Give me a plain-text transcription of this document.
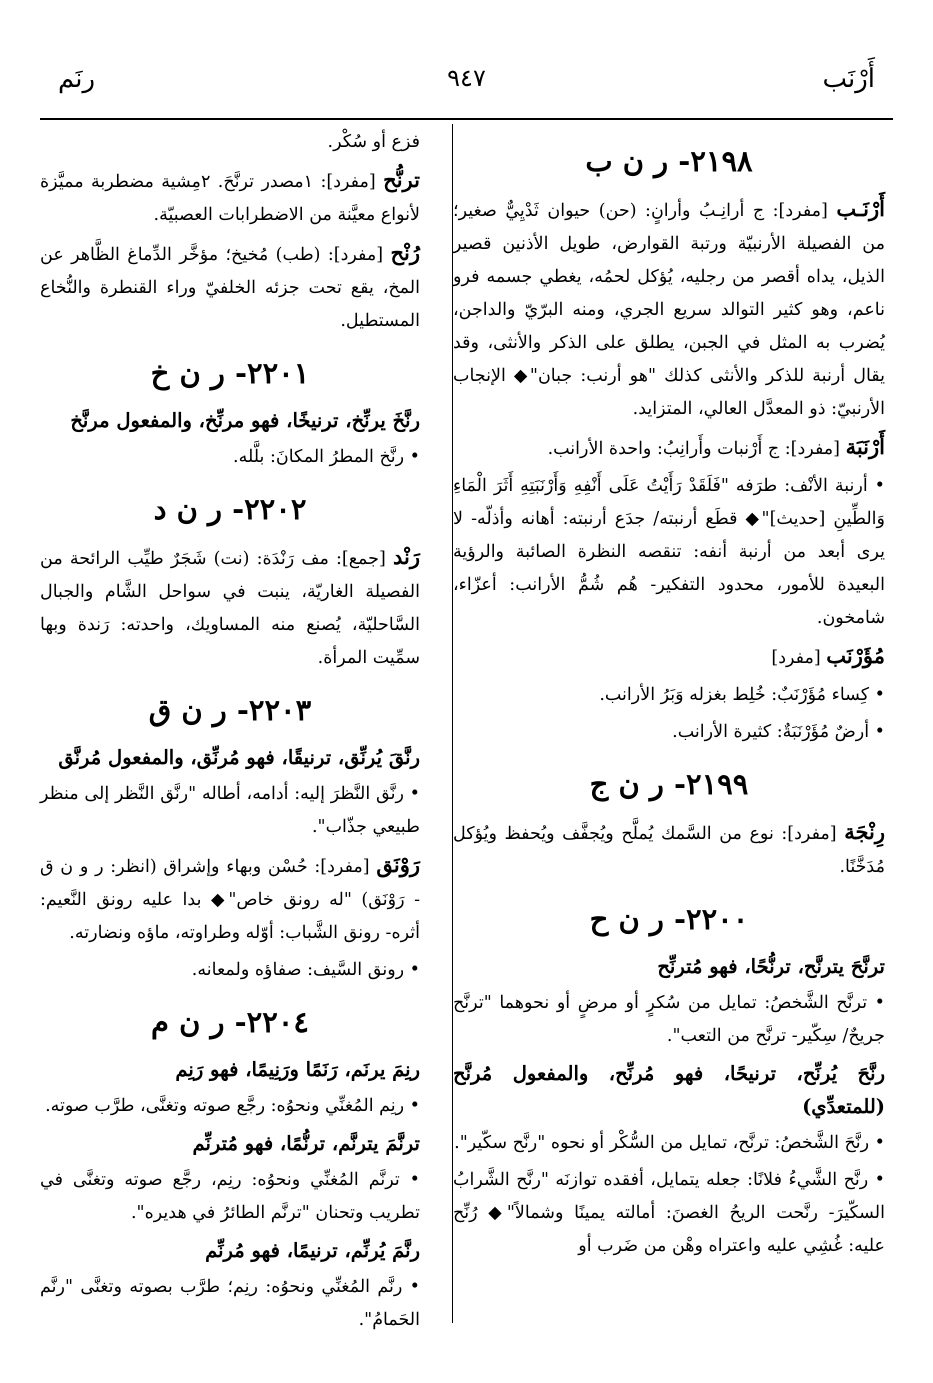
أَرْنَب
٩٤٧
رنَم
٢١٩٨- ر ن ب

أَرْنَـب [مفرد]: ج أرانِـبُ وأرانٍ: (حن) حيوان ثَدْيِيٌّ صغير؛ من الفصيلة الأرنبيّة ورتبة القوارض، طويل الأذنين قصير الذيل، يداه أقصر من رجليه، يُؤكل لحمُه، يغطي جسمه فرو ناعم، وهو كثير التوالد سريع الجري، ومنه البرّيّ والداجن، يُضرب به المثل في الجبن، يطلق على الذكر والأنثى، وقد يقال أرنبة للذكر والأنثى كذلك "هو أرنب: جبان"◆ الإنجاب الأرنبيّ: ذو المعدَّل العالي، المتزايد.

أَرْنَبَة [مفرد]: ج أَرْنبات وأَرانِبُ: واحدة الأرانب.

• أرنبة الأنْف: طرَفه "فَلَقَدْ رَأَيْتُ عَلَى أَنْفِهِ وَأَرْنَبَتِهِ أَثَرَ الْمَاءِ وَالطِّينِ [حديث]"◆ قطَع أرنبته/ جدَع أرنبته: أهانه وأذلّه- لا يرى أبعد من أرنبة أنفه: تنقصه النظرة الصائبة والرؤية البعيدة للأمور، محدود التفكير- هُم شُمُّ الأرانب: أعزّاء، شامخون.

مُؤَرْنَب [مفرد]

• كِساء مُؤَرْنَبٌ: خُلِط بغزله وَبَرُ الأرانب.

• أرضٌ مُؤَرْنَبَةٌ: كثيرة الأرانب.

٢١٩٩- ر ن ج

رِنْجَة [مفرد]: نوع من السَّمك يُملَّح ويُجفَّف ويُحفظ ويُؤكل مُدَخَّنًا.

٢٢٠٠- ر ن ح
ترنَّحَ يترنَّح، ترنُّحًا، فهو مُترنِّح

• ترنَّح الشَّخصُ: تمايل من سُكرٍ أو مرضٍ أو نحوهما "ترنَّح جريحٌ/ سِكّير- ترنَّح من التعب".

رنَّحَ يُرنِّح، ترنيحًا، فهو مُرنِّح، والمفعول مُرنَّح (للمتعدِّي)

• رنَّحَ الشَّخصُ: ترنَّح، تمايل من السُّكْر أو نحوه "رنَّح سكّير".

• رنَّح الشَّيءُ فلانًا: جعله يتمايل، أفقده توازنَه "رنَّح الشَّرابُ السكّيرَ- رنَّحت الريحُ الغصنَ: أمالته يمينًا وشمالاً"◆ رُنِّح عليه: غُشِي عليه واعتراه وهْن من ضَرب أو

فزع أو سُكْر.

ترنُّح [مفرد]: ١مصدر ترنَّحَ. ٢مِشية مضطربة مميَّزة لأنواع معيَّنة من الاضطرابات العصبيّة.

رُنْح [مفرد]: (طب) مُخيخ؛ مؤخَّر الدِّماغ الظَّاهر عن المخ، يقع تحت جزئه الخلفيّ وراء القنطرة والنُّخاع المستطيل.

٢٢٠١- ر ن خ
رنَّخَ يرنِّخ، ترنيخًا، فهو مرنِّخ، والمفعول مرنَّخ

• رنَّخ المطرُ المكانَ: بلَّله.

٢٢٠٢- ر ن د

رَنْد [جمع]: مف رَنْدَة: (نت) شَجَرٌ طيِّب الرائحة من الفصيلة الغاريّة، ينبت في سواحل الشَّام والجبال السَّاحليّة، يُصنع منه المساويك، واحدته: رَندة وبها سمِّيت المرأة.

٢٢٠٣- ر ن ق
رنَّقَ يُرنِّق، ترنيقًا، فهو مُرنِّق، والمفعول مُرنَّق

• رنَّق النَّظرَ إليه: أدامه، أطاله "رنَّق النَّظر إلى منظر طبيعي جذّاب".

رَوْنَق [مفرد]: حُسْن وبهاء وإشراق (انظر: ر و ن ق - رَوْنَق) "له رونق خاص"◆ بدا عليه رونق النَّعيم: أثره- رونق الشَّباب: أوّله وطراوته، ماؤه ونضارته.

• رونق السَّيف: صفاؤه ولمعانه.

٢٢٠٤- ر ن م
رنِمَ يرنَم، رَنَمًا ورَنِيمًا، فهو رَنِم

• رنِم المُغنِّي ونحوُه: رجَّع صوته وتغنَّى، طرَّب صوته.

ترنَّمَ يترنَّم، ترنُّمًا، فهو مُترنِّم

• ترنَّم المُغنِّي ونحوُه: رنِم، رجَّع صوته وتغنَّى في تطريب وتحنان "ترنَّم الطائرُ في هديره".

رنَّمَ يُرنِّم، ترنيمًا، فهو مُرنِّم

• رنَّم المُغنِّي ونحوُه: رنِم؛ طرَّب بصوته وتغنَّى "رنَّم الحَمامُ".
